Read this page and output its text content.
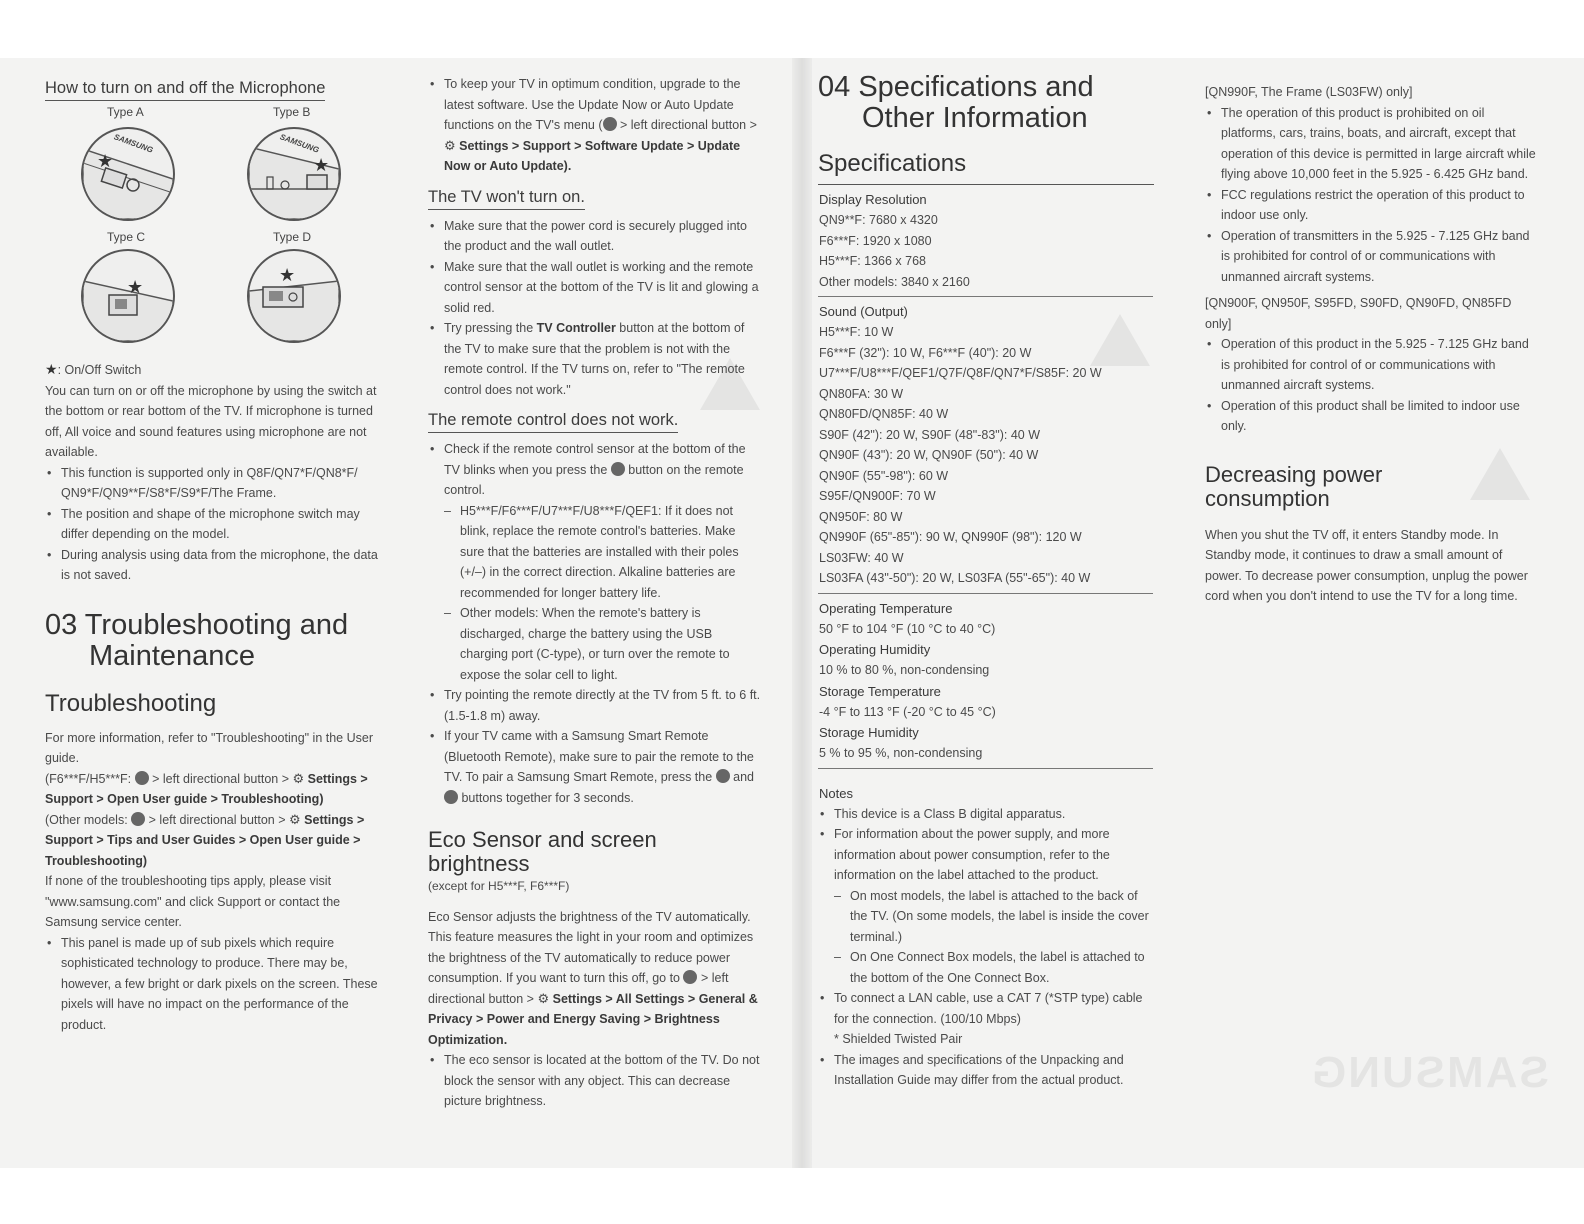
SAMSUNG
How to turn on and off the Microphone
Type A	Type B
★
SAMSUNG
★
SAMSUNG
Type C	Type D
★
★

★: On/Off Switch

You can turn on or off the microphone by using the switch at the bottom or rear bottom of the TV. If microphone is turned off, All voice and sound features using microphone are not available.

• This function is supported only in Q8F/QN7*F/QN8*F/ QN9*F/QN9**F/S8*F/S9*F/The Frame.
• The position and shape of the microphone switch may differ depending on the model.
• During analysis using data from the microphone, the data is not saved.
03 Troubleshooting and
Maintenance
Troubleshooting

For more information, refer to "Troubleshooting" in the User guide.

(F6***F/H5***F: > left directional button > ⚙ Settings > Support > Open User guide > Troubleshooting)

(Other models: > left directional button > ⚙ Settings > Support > Tips and User Guides > Open User guide > Troubleshooting)

If none of the troubleshooting tips apply, please visit "www.samsung.com" and click Support or contact the Samsung service center.

• This panel is made up of sub pixels which require sophisticated technology to produce. There may be, however, a few bright or dark pixels on the screen. These pixels will have no impact on the performance of the product.
• To keep your TV in optimum condition, upgrade to the latest software. Use the Update Now or Auto Update functions on the TV's menu ( > left directional button > ⚙ Settings > Support > Software Update > Update Now or Auto Update).
The TV won't turn on.
• Make sure that the power cord is securely plugged into the product and the wall outlet.
• Make sure that the wall outlet is working and the remote control sensor at the bottom of the TV is lit and glowing a solid red.
• Try pressing the TV Controller button at the bottom of the TV to make sure that the problem is not with the remote control. If the TV turns on, refer to "The remote control does not work."
The remote control does not work.
• Check if the remote control sensor at the bottom of the TV blinks when you press the button on the remote control.
– H5***F/F6***F/U7***F/U8***F/QEF1: If it does not blink, replace the remote control's batteries. Make sure that the batteries are installed with their poles (+/–) in the correct direction. Alkaline batteries are recommended for longer battery life.
– Other models: When the remote's battery is discharged, charge the battery using the USB charging port (C-type), or turn over the remote to expose the solar cell to light.
• Try pointing the remote directly at the TV from 5 ft. to 6 ft. (1.5-1.8 m) away.
• If your TV came with a Samsung Smart Remote (Bluetooth Remote), make sure to pair the remote to the TV. To pair a Samsung Smart Remote, press the and  buttons together for 3 seconds.
Eco Sensor and screen
brightness

(except for H5***F, F6***F)

Eco Sensor adjusts the brightness of the TV automatically. This feature measures the light in your room and optimizes the brightness of the TV automatically to reduce power consumption. If you want to turn this off, go to > left directional button > ⚙ Settings > All Settings > General & Privacy > Power and Energy Saving > Brightness Optimization.

• The eco sensor is located at the bottom of the TV. Do not block the sensor with any object. This can decrease picture brightness.
04 Specifications and
Other Information
Specifications
Display Resolution
QN9**F: 7680 x 4320
F6***F: 1920 x 1080
H5***F: 1366 x 768
Other models: 3840 x 2160
Sound (Output)
H5***F: 10 W
F6***F (32"): 10 W, F6***F (40"): 20 W
U7***F/U8***F/QEF1/Q7F/Q8F/QN7*F/S85F: 20 W
QN80FA: 30 W
QN80FD/QN85F: 40 W
S90F (42"): 20 W, S90F (48"-83"): 40 W
QN90F (43"): 20 W, QN90F (50"): 40 W
QN90F (55"-98"): 60 W
S95F/QN900F: 70 W
QN950F: 80 W
QN990F (65"-85"): 90 W, QN990F (98"): 120 W
LS03FW: 40 W
LS03FA (43"-50"): 20 W, LS03FA (55"-65"): 40 W
Operating Temperature
50 °F to 104 °F (10 °C to 40 °C)
Operating Humidity
10 % to 80 %, non-condensing
Storage Temperature
-4 °F to 113 °F (-20 °C to 45 °C)
Storage Humidity
5 % to 95 %, non-condensing
Notes
• This device is a Class B digital apparatus.
• For information about the power supply, and more information about power consumption, refer to the information on the label attached to the product.
– On most models, the label is attached to the back of the TV. (On some models, the label is inside the cover terminal.)
– On One Connect Box models, the label is attached to the bottom of the One Connect Box.
• To connect a LAN cable, use a CAT 7 (*STP type) cable for the connection. (100/10 Mbps)
* Shielded Twisted Pair
• The images and specifications of the Unpacking and Installation Guide may differ from the actual product.
[QN990F, The Frame (LS03FW) only]
• The operation of this product is prohibited on oil platforms, cars, trains, boats, and aircraft, except that operation of this device is permitted in large aircraft while flying above 10,000 feet in the 5.925 - 6.425 GHz band.
• FCC regulations restrict the operation of this product to indoor use only.
• Operation of transmitters in the 5.925 - 7.125 GHz band is prohibited for control of or communications with unmanned aircraft systems.
[QN900F, QN950F, S95FD, S90FD, QN90FD, QN85FD only]
• Operation of this product in the 5.925 - 7.125 GHz band is prohibited for control of or communications with unmanned aircraft systems.
• Operation of this product shall be limited to indoor use only.
Decreasing power
consumption

When you shut the TV off, it enters Standby mode. In Standby mode, it continues to draw a small amount of power. To decrease power consumption, unplug the power cord when you don't intend to use the TV for a long time.
